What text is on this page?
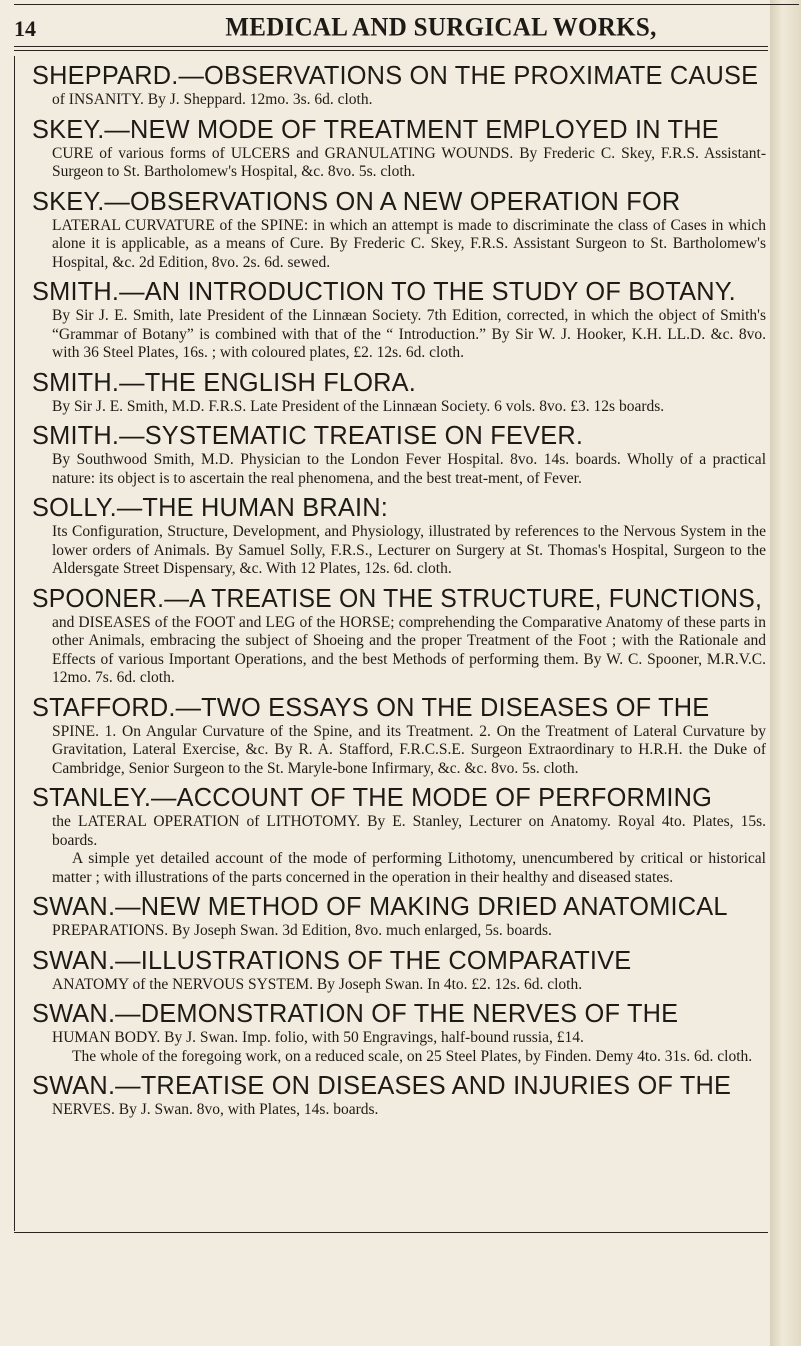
14	MEDICAL AND SURGICAL WORKS,
SHEPPARD.—OBSERVATIONS ON THE PROXIMATE CAUSE

of INSANITY. By J. Sheppard. 12mo. 3s. 6d. cloth.

SKEY.—NEW MODE OF TREATMENT EMPLOYED IN THE

CURE of various forms of ULCERS and GRANULATING WOUNDS. By Frederic C. Skey, F.R.S. Assistant-Surgeon to St. Bartholomew's Hospital, &c. 8vo. 5s. cloth.

SKEY.—OBSERVATIONS ON A NEW OPERATION FOR

LATERAL CURVATURE of the SPINE: in which an attempt is made to discriminate the class of Cases in which alone it is applicable, as a means of Cure. By Frederic C. Skey, F.R.S. Assistant Surgeon to St. Bartholomew's Hospital, &c. 2d Edition, 8vo. 2s. 6d. sewed.

SMITH.—AN INTRODUCTION TO THE STUDY OF BOTANY.

By Sir J. E. Smith, late President of the Linnæan Society. 7th Edition, corrected, in which the object of Smith's “Grammar of Botany” is combined with that of the “ Introduction.” By Sir W. J. Hooker, K.H. LL.D. &c. 8vo. with 36 Steel Plates, 16s. ; with coloured plates, £2. 12s. 6d. cloth.

SMITH.—THE ENGLISH FLORA.

By Sir J. E. Smith, M.D. F.R.S. Late President of the Linnæan Society. 6 vols. 8vo. £3. 12s boards.

SMITH.—SYSTEMATIC TREATISE ON FEVER.

By Southwood Smith, M.D. Physician to the London Fever Hospital. 8vo. 14s. boards. Wholly of a practical nature: its object is to ascertain the real phenomena, and the best treat-ment, of Fever.

SOLLY.—THE HUMAN BRAIN:

Its Configuration, Structure, Development, and Physiology, illustrated by references to the Nervous System in the lower orders of Animals. By Samuel Solly, F.R.S., Lecturer on Surgery at St. Thomas's Hospital, Surgeon to the Aldersgate Street Dispensary, &c. With 12 Plates, 12s. 6d. cloth.

SPOONER.—A TREATISE ON THE STRUCTURE, FUNCTIONS,

and DISEASES of the FOOT and LEG of the HORSE; comprehending the Comparative Anatomy of these parts in other Animals, embracing the subject of Shoeing and the proper Treatment of the Foot ; with the Rationale and Effects of various Important Operations, and the best Methods of performing them. By W. C. Spooner, M.R.V.C. 12mo. 7s. 6d. cloth.

STAFFORD.—TWO ESSAYS ON THE DISEASES OF THE

SPINE. 1. On Angular Curvature of the Spine, and its Treatment. 2. On the Treatment of Lateral Curvature by Gravitation, Lateral Exercise, &c. By R. A. Stafford, F.R.C.S.E. Surgeon Extraordinary to H.R.H. the Duke of Cambridge, Senior Surgeon to the St. Maryle-bone Infirmary, &c. &c. 8vo. 5s. cloth.

STANLEY.—ACCOUNT OF THE MODE OF PERFORMING

the LATERAL OPERATION of LITHOTOMY. By E. Stanley, Lecturer on Anatomy. Royal 4to. Plates, 15s. boards.

A simple yet detailed account of the mode of performing Lithotomy, unencumbered by critical or historical matter ; with illustrations of the parts concerned in the operation in their healthy and diseased states.

SWAN.—NEW METHOD OF MAKING DRIED ANATOMICAL

PREPARATIONS. By Joseph Swan. 3d Edition, 8vo. much enlarged, 5s. boards.

SWAN.—ILLUSTRATIONS OF THE COMPARATIVE

ANATOMY of the NERVOUS SYSTEM. By Joseph Swan. In 4to. £2. 12s. 6d. cloth.

SWAN.—DEMONSTRATION OF THE NERVES OF THE

HUMAN BODY. By J. Swan. Imp. folio, with 50 Engravings, half-bound russia, £14.

The whole of the foregoing work, on a reduced scale, on 25 Steel Plates, by Finden. Demy 4to. 31s. 6d. cloth.

SWAN.—TREATISE ON DISEASES AND INJURIES OF THE

NERVES. By J. Swan. 8vo, with Plates, 14s. boards.
